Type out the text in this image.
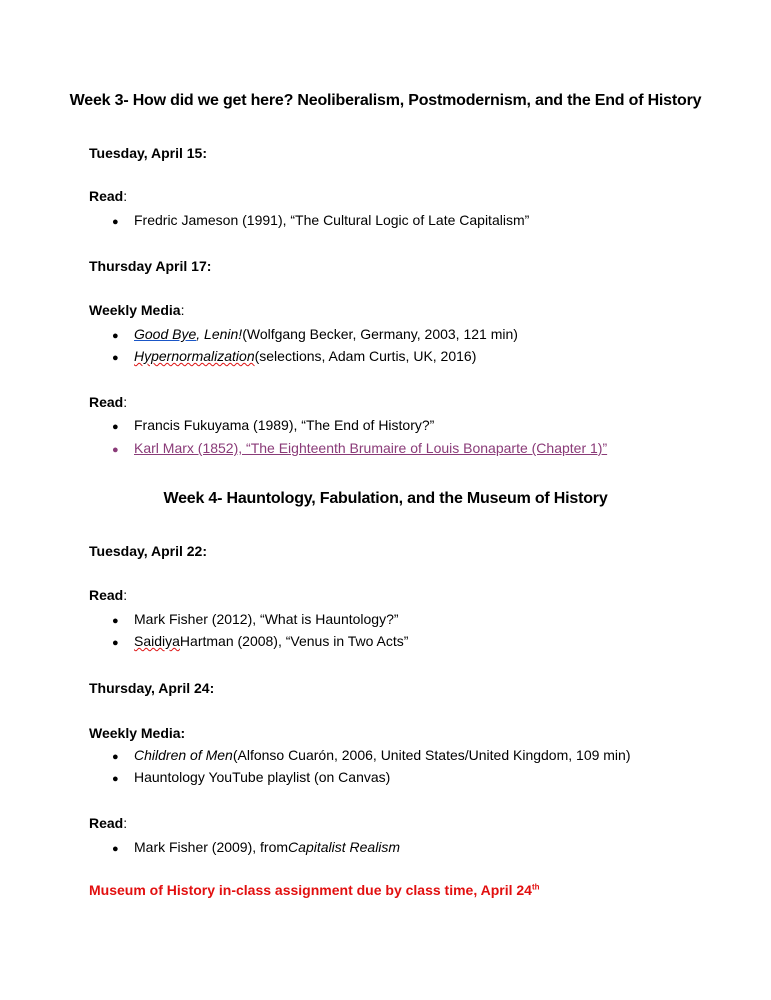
Week 3- How did we get here? Neoliberalism, Postmodernism, and the End of History
Tuesday, April 15:
Read:
●	Fredric Jameson (1991), “The Cultural Logic of Late Capitalism”
Thursday April 17:
Weekly Media:
●	Good Bye , Lenin! (Wolfgang Becker, Germany, 2003, 121 min)
●	Hypernormalization (selections, Adam Curtis, UK, 2016)
Read:
●	Francis Fukuyama (1989), “The End of History?”
●	Karl Marx (1852), “The Eighteenth Brumaire of Louis Bonaparte (Chapter 1)”
Week 4- Hauntology, Fabulation, and the Museum of History
Tuesday, April 22:
Read:
●	Mark Fisher (2012), “What is Hauntology?”
●	Saidiya Hartman (2008), “Venus in Two Acts”
Thursday, April 24:
Weekly Media:
●	Children of Men (Alfonso Cuarón, 2006, United States/United Kingdom, 109 min)
●	Hauntology YouTube playlist (on Canvas)
Read:
●	Mark Fisher (2009), from Capitalist Realism
Museum of History in-class assignment due by class time, April 24th
